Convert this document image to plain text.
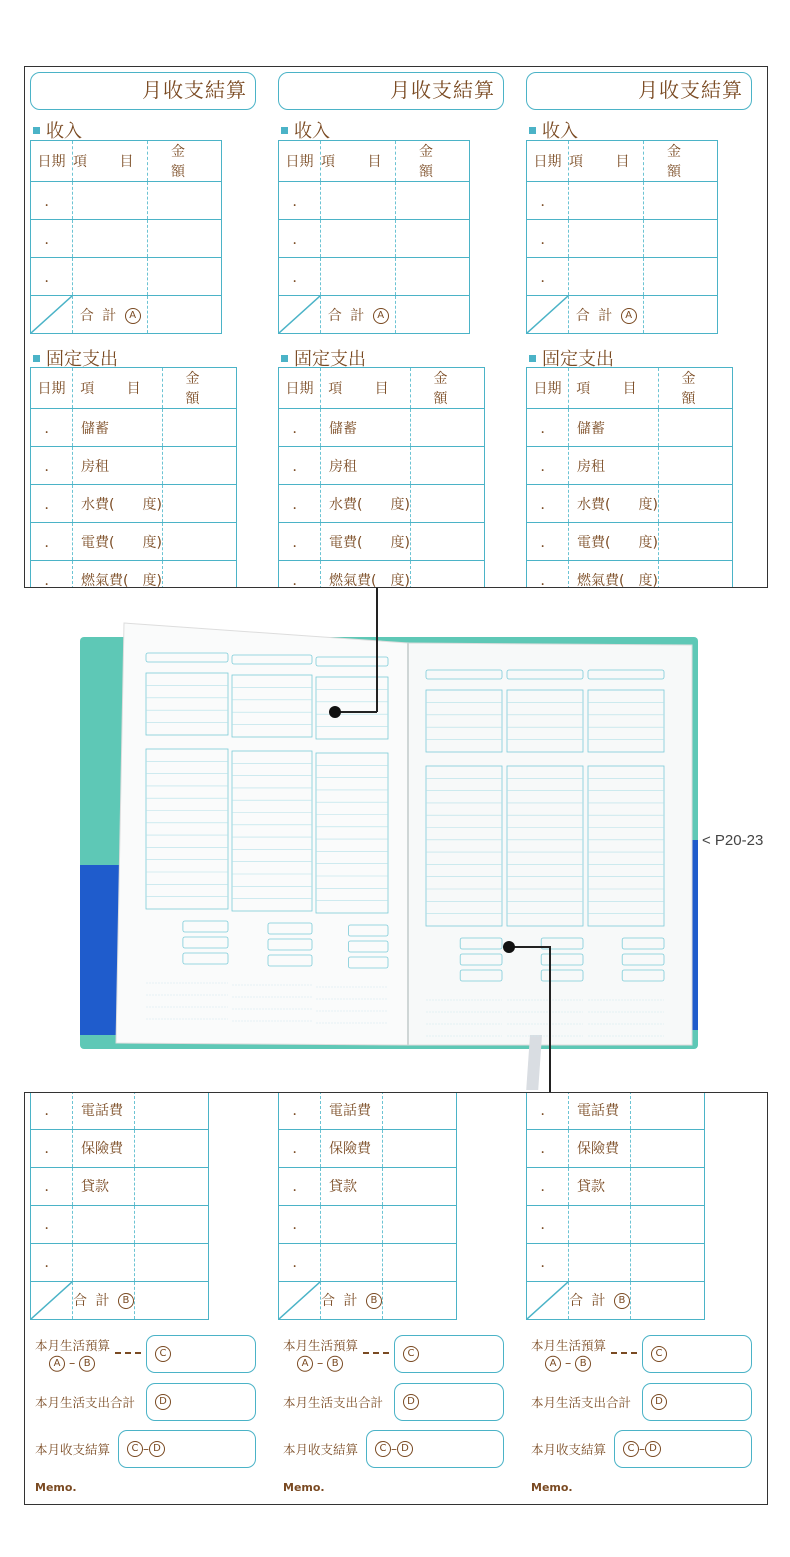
月收支結算
收入
日期	項 目	金 額
．		
．		
．		

	合 計 A	
固定支出
日期	項 目	金 額
．	儲蓄	
．	房租	
．	水費(　　度)	
．	電費(　　度)	
．	燃氣費(　度)	
月收支結算
收入
日期	項 目	金 額
．		
．		
．		

	合 計 A	
固定支出
日期	項 目	金 額
．	儲蓄	
．	房租	
．	水費(　　度)	
．	電費(　　度)	
．	燃氣費(　度)	
月收支結算
收入
日期	項 目	金 額
．		
．		
．		

	合 計 A	
固定支出
日期	項 目	金 額
．	儲蓄	
．	房租	
．	水費(　　度)	
．	電費(　　度)	
．	燃氣費(　度)	
< P20-23
．	電話費	
．	保險費	
．	貸款	
．		
．		

	合 計 B	
本月生活預算
A – B
C
本月生活支出合計	D
本月收支結算	C – D
Memo.
．	電話費	
．	保險費	
．	貸款	
．		
．		

	合 計 B	
本月生活預算
A – B
C
本月生活支出合計	D
本月收支結算	C – D
Memo.
．	電話費	
．	保險費	
．	貸款	
．		
．		

	合 計 B	
本月生活預算
A – B
C
本月生活支出合計	D
本月收支結算	C – D
Memo.
